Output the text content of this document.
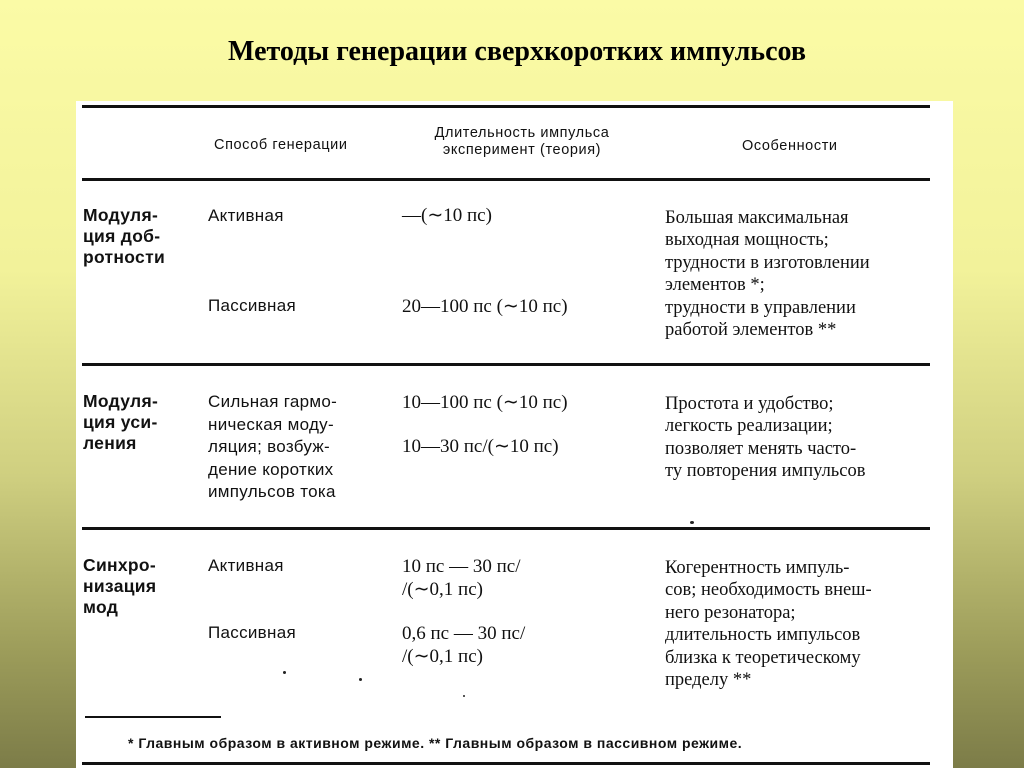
Методы генерации сверхкоротких импульсов
Способ генерации
Длительность импульса
эксперимент (теория)	Особенности
Модуля-
ция доб-
ротности
Активная
Пассивная
—(∼10 пс)
20—100 пс (∼10 пс)
Большая максимальная
выходная мощность;
трудности в изготовлении
элементов *;
трудности в управлении
работой элементов **
Модуля-
ция уси-
ления
Сильная гармо-
ническая моду-
ляция; возбуж-
дение коротких
импульсов тока
10—100 пс (∼10 пс)
10—30 пс/(∼10 пс)
Простота и удобство;
легкость реализации;
позволяет менять часто-
ту повторения импульсов
Синхро-
низация
мод
Активная
Пассивная
10 пс — 30 пс/
/(∼0,1 пс)
0,6 пс — 30 пс/
/(∼0,1 пс)
Когерентность импуль-
сов; необходимость внеш-
него резонатора;
длительность импульсов
близка к теоретическому
пределу **
* Главным образом в активном режиме. ** Главным образом в пассивном режиме.
